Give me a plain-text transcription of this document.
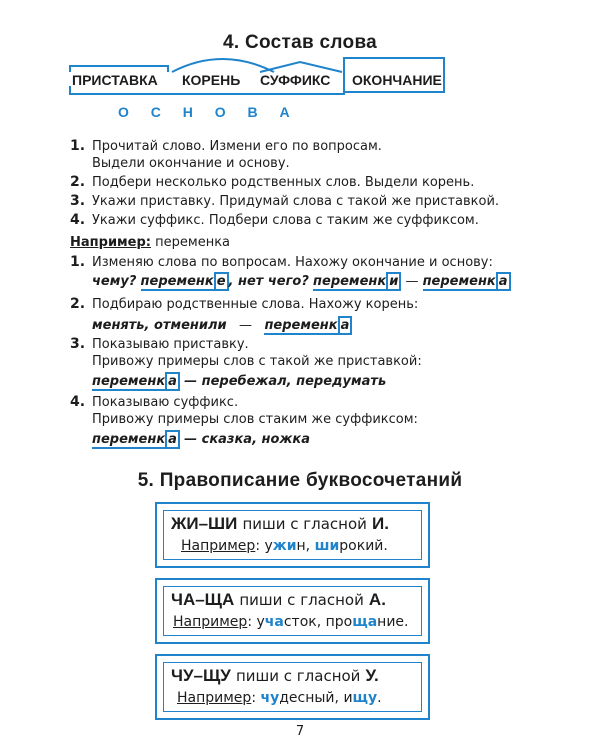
4. Состав слова
ПРИСТАВКА КОРЕНЬ СУФФИКС ОКОНЧАНИЕ
О С Н О В А
1. Прочитай слово. Измени его по вопросам.
Выдели окончание и основу.
2. Подбери несколько родственных слов. Выдели корень.
3. Укажи приставку. Придумай слова с такой же приставкой.
4. Укажи суффикс. Подбери слова с таким же суффиксом.
Например: переменка
1. Изменяю слова по вопросам. Нахожу окончание и основу:
чему? переменк е , нет чего? переменк и — переменк а
2. Подбираю родственные слова. Нахожу корень:
менять, отменили — переменк а
3. Показываю приставку.
Привожу примеры слов с такой же приставкой:
переменк а — перебежал, передумать
4. Показываю суффикс.
Привожу примеры слов стаким же суффиксом:
переменк а — сказка, ножка
5. Правописание буквосочетаний
ЖИ–ШИ пиши с гласной И.
Например: ужин, широкий.
ЧА–ЩА пиши с гласной А.
Например: участок, прощание.
ЧУ–ЩУ пиши с гласной У.
Например: чудесный, ищу.
7
